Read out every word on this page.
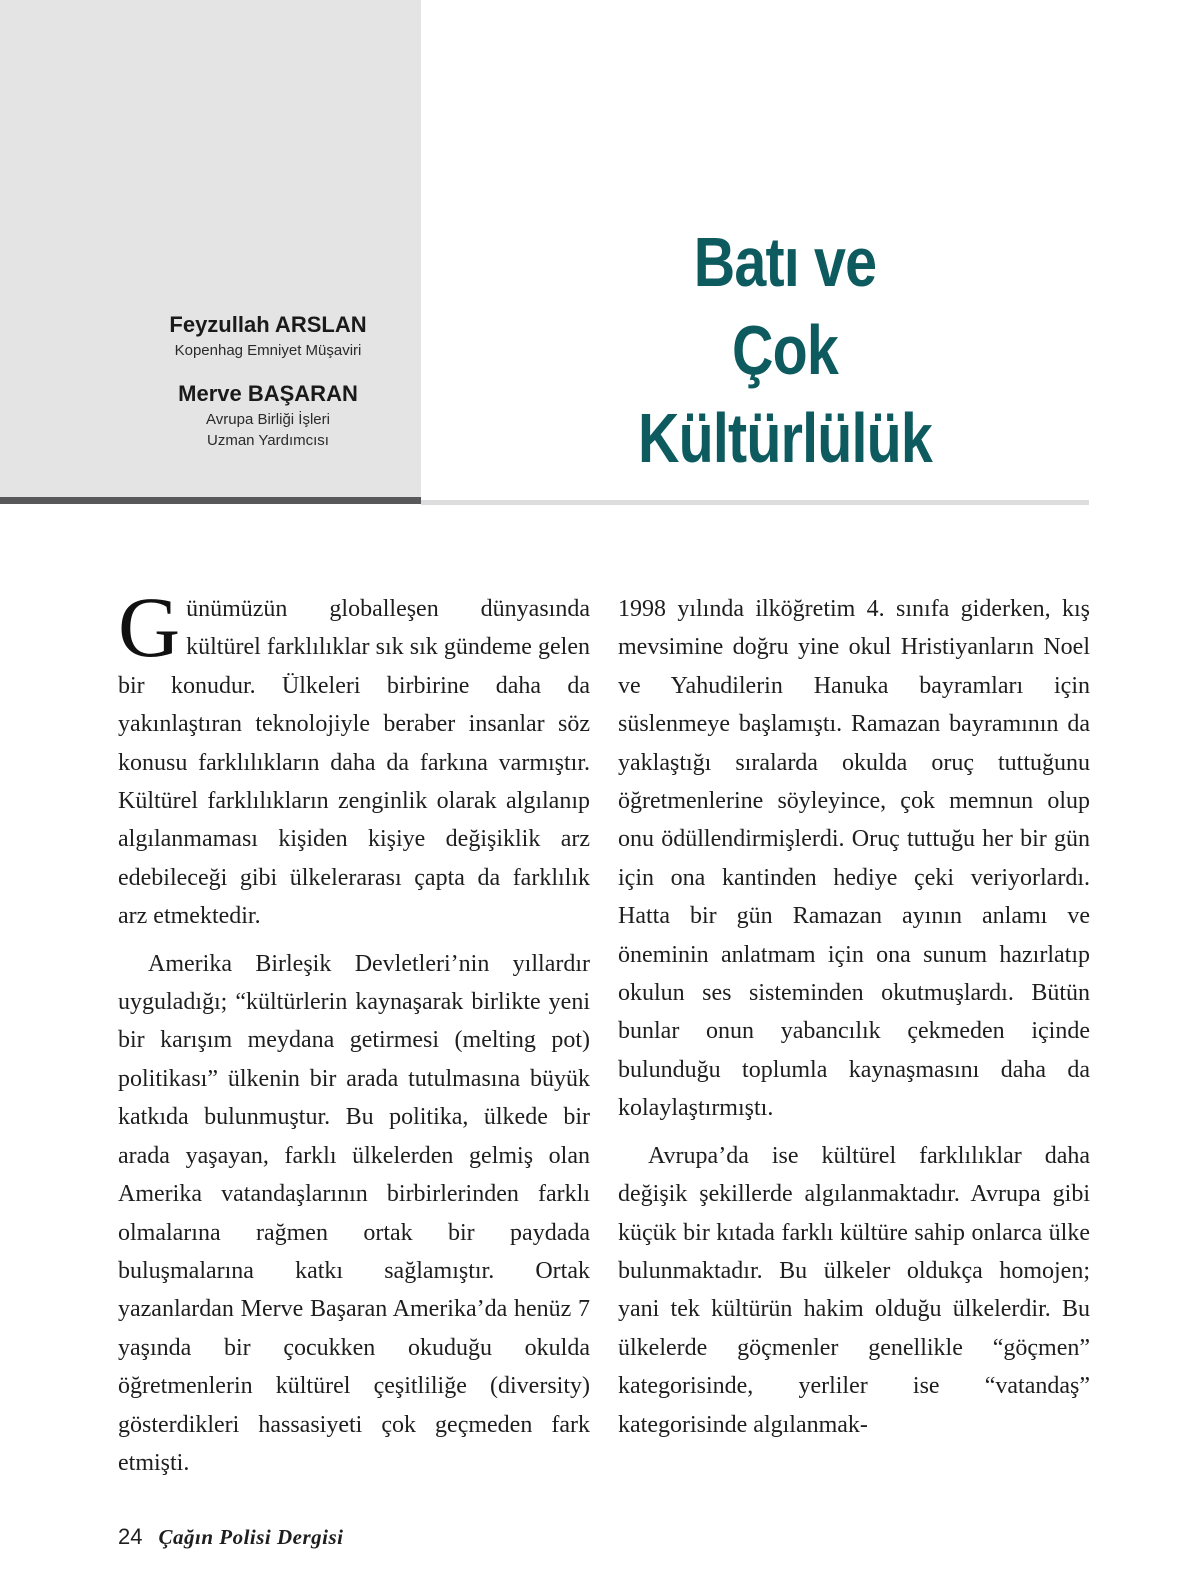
Feyzullah ARSLAN
Kopenhag Emniyet Müşaviri
Merve BAŞARAN
Avrupa Birliği İşleri
Uzman Yardımcısı
Batı ve
Çok Kültürlülük

Günümüzün globalleşen dünyasında kültürel farklılıklar sık sık gündeme gelen bir konudur. Ülkeleri birbirine daha da yakınlaştıran teknolojiyle beraber insanlar söz konusu farklılıkların daha da farkına varmıştır. Kültürel farklılıkların zenginlik olarak algılanıp algılanmaması kişiden kişiye değişiklik arz edebileceği gibi ülkelerarası çapta da farklılık arz etmektedir.

Amerika Birleşik Devletleri’nin yıllardır uyguladığı; “kültürlerin kaynaşarak birlikte yeni bir karışım meydana getirmesi (melting pot) politikası” ülkenin bir arada tutulmasına büyük katkıda bulunmuştur. Bu politika, ülkede bir arada yaşayan, farklı ülkelerden gelmiş olan Amerika vatandaşlarının birbirlerinden farklı olmalarına rağmen ortak bir paydada buluşmalarına katkı sağlamıştır. Ortak yazanlardan Merve Başaran Amerika’da henüz 7 yaşında bir çocukken okuduğu okulda öğretmenlerin kültürel çeşitliliğe (diversity) gösterdikleri hassasiyeti çok geçmeden fark etmişti.

1998 yılında ilköğretim 4. sınıfa giderken, kış mevsimine doğru yine okul Hristiyanların Noel ve Yahudilerin Hanuka bayramları için süslenmeye başlamıştı. Ramazan bayramının da yaklaştığı sıralarda okulda oruç tuttuğunu öğretmenlerine söyleyince, çok memnun olup onu ödüllendirmişlerdi. Oruç tuttuğu her bir gün için ona kantinden hediye çeki veriyorlardı. Hatta bir gün Ramazan ayının anlamı ve öneminin anlatmam için ona sunum hazırlatıp okulun ses sisteminden okutmuşlardı. Bütün bunlar onun yabancılık çekmeden içinde bulunduğu toplumla kaynaşmasını daha da kolaylaştırmıştı.

Avrupa’da ise kültürel farklılıklar daha değişik şekillerde algılanmaktadır. Avrupa gibi küçük bir kıtada farklı kültüre sahip onlarca ülke bulunmaktadır. Bu ülkeler oldukça homojen; yani tek kültürün hakim olduğu ülkelerdir. Bu ülkelerde göçmenler genellikle “göçmen” kategorisinde, yerliler ise “vatandaş” kategorisinde algılanmak-

24 Çağın Polisi Dergisi
